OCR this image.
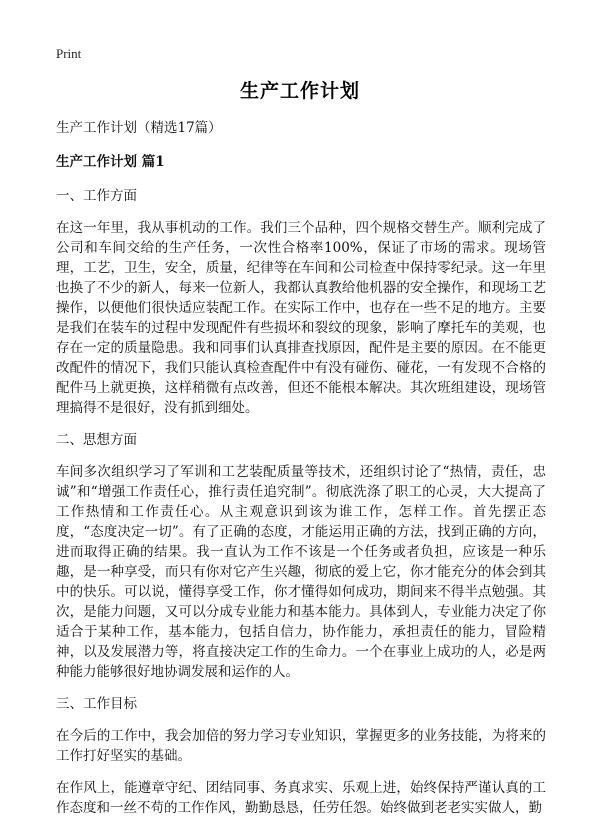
Print
生产工作计划

生产工作计划（精选17篇）

生产工作计划 篇1

一、工作方面

在这一年里，我从事机动的工作。我们三个品种，四个规格交替生产。顺利完成了公司和车间交给的生产任务，一次性合格率100%，保证了市场的需求。现场管理，工艺，卫生，安全，质量，纪律等在车间和公司检查中保持零纪录。这一年里也换了不少的新人，每来一位新人，我都认真教给他机器的安全操作，和现场工艺操作，以便他们很快适应装配工作。在实际工作中，也存在一些不足的地方。主要是我们在装车的过程中发现配件有些损坏和裂纹的现象，影响了摩托车的美观，也存在一定的质量隐患。我和同事们认真排查找原因，配件是主要的原因。在不能更改配件的情况下，我们只能认真检查配件中有没有碰伤、碰花，一有发现不合格的配件马上就更换，这样稍微有点改善，但还不能根本解决。其次班组建设，现场管理搞得不是很好，没有抓到细处。

二、思想方面

车间多次组织学习了军训和工艺装配质量等技术，还组织讨论了“热情，责任，忠诚”和“增强工作责任心，推行责任追究制”。彻底洗涤了职工的心灵，大大提高了工作热情和工作责任心。从主观意识到该为谁工作，怎样工作。首先摆正态度，“态度决定一切”。有了正确的态度，才能运用正确的方法，找到正确的方向，进而取得正确的结果。我一直认为工作不该是一个任务或者负担，应该是一种乐趣，是一种享受，而只有你对它产生兴趣，彻底的爱上它，你才能充分的体会到其中的快乐。可以说，懂得享受工作，你才懂得如何成功，期间来不得半点勉强。其次，是能力问题，又可以分成专业能力和基本能力。具体到人，专业能力决定了你适合于某种工作，基本能力，包括自信力，协作能力，承担责任的能力，冒险精神，以及发展潜力等，将直接决定工作的生命力。一个在事业上成功的人，必是两种能力能够很好地协调发展和运作的人。

三、工作目标

在今后的工作中，我会加倍的努力学习专业知识，掌握更多的业务技能，为将来的工作打好坚实的基础。

在作风上，能遵章守纪、团结同事、务真求实、乐观上进，始终保持严谨认真的工作态度和一丝不苟的工作作风，勤勤恳恳，任劳任怨。始终做到老老实实做人，勤
